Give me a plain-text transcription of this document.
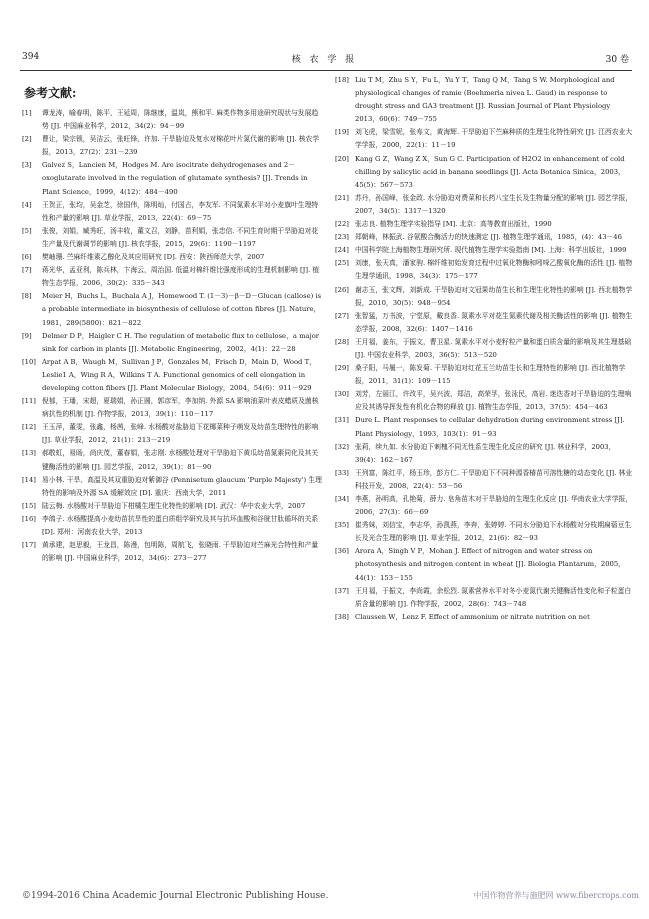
394	核 农 学 报	30 卷
参考文献:
[1]	谭龙涛，喻春明，陈平，王延周，陈继康，温岚，熊和平. 麻类作物多用途研究现状与发展趋势 [J]. 中国麻业科学，2012，34(2)：94－99
[2]	曹让，梁宗锁，吴洁云，张旺锋，许加. 干旱胁迫及复水对棉花叶片氮代谢的影响 [J]. 核农学报，2013，27(2)：231－239
[3]	Galvez S，Lancien M，Hodges M. Are isocitrate dehydrogenases and 2－oxoglutarate involved in the regulation of glutamate synthesis? [J]. Trends in Plant Science，1999，4(12)：484－490
[4]	王贺正，张均，吴金芝，徐国伟，陈明灿，付国占，李友军. 不同氮素水平对小麦旗叶生理特性和产量的影响 [J]. 草业学报，2013，22(4)：69－75
[5]	张俊，刘娟，臧秀旺，汤丰收，董文召，刘静，苗利娟，张忠信. 不同生育时期干旱胁迫对花生产量及代谢调节的影响 [J]. 核农学报，2015，29(6)：1190－1197
[6]	樊岫珊. 苎麻纤维素乙醇化及其应用研究 [D]. 西安：陕西师范大学，2007
[7]	蒋光华，孟亚利，陈兵林，卞海云，周治国. 低温对棉纤维比强度形成的生理机制影响 [J]. 植物生态学报，2006，30(2)：335－343
[8]	Meier H，Buchs L，Buchala A J，Homewood T. (1－3)－β－D－Glucan (callose) is a probable intermediate in biosynthesis of cellulose of cotton fibres [J]. Nature，1981，289(5800)：821－822
[9]	Delmer D P，Haigler C H. The regulation of metabolic flux to cellulose，a major sink for carbon in plants [J]. Metabolic Engineering，2002，4(1)：22－28
[10] Arpat A B，Waugh M，Sullivan J P，Gonzales M，Frisch D，Main D，Wood T，Leslie1 A，Wing R A，Wilkins T A. Functional genomics of cell elongation in developing cotton fibers [J]. Plant Molecular Biology，2004，54(6)：911－929
[11] 倪郁，王璠，宋超，夏瑞娟，孙正圆，郭彦军，李加纳. 外源 SA 影响油菜叶表皮蜡质及菌核病抗性的机制 [J]. 作物学报，2013，39(1)：110－117
[12] 王玉萍，董雯，张鑫，杨茜，张峰. 水杨酸对盐胁迫下花椰菜种子萌发及幼苗生理特性的影响 [J]. 草业学报，2012，21(1)：213－219
[13] 郝敬虹，易旸，尚庆茂，董春娟，张志刚. 水杨酸处理对干旱胁迫下黄瓜幼苗氮素同化及其关键酶活性的影响 [J]. 园艺学报，2012，39(1)：81－90
[14] 易小林. 干旱、高温及其双重胁迫对紫御谷 (Pennisetum glaucum 'Purple Majesty') 生理特性的影响及外源 SA 缓解效应 [D]. 重庆：西南大学，2011
[15] 陆云梅. 水杨酸对干旱胁迫下柑橘生理生化特性的影响 [D]. 武汉：华中农业大学，2007
[16] 李鸽子. 水杨酸提高小麦幼苗抗旱性的蛋白质组学研究及其与抗坏血酸和谷胱甘肽循环的关系 [D]. 郑州：河南农业大学，2013
[17] 黄承建，赵思毅，王龙昌，陈漫，包明陈，周航飞，张晓雨. 干旱胁迫对苎麻光合特性和产量的影响 [J]. 中国麻业科学，2012，34(6)：273－277
[18] Liu T M，Zhu S Y，Fu L，Yu Y T，Tang Q M，Tang S W. Morphological and physiological changes of ramie (Boehmeria nivea L. Gaud) in response to drought stress and GA3 treatment [J]. Russian Journal of Plant Physiology 2013，60(6)：749－755
[19] 刘飞虎，梁雪妮，张寿文，黄海辉. 干旱胁迫下苎麻种质的生理生化特性研究 [J]. 江西农业大学学报，2000，22(1)：11－19
[20] Kang G Z，Wang Z X，Sun G C. Participation of H2O2 in enhancement of cold chilling by salicylic acid in banana seedlings [J]. Acta Botanica Sinica，2003，45(5)：567－573
[21] 苏丹，孙国峰，张金政. 水分胁迫对费菜和长药八宝生长及生物量分配的影响 [J]. 园艺学报，2007，34(5)：1317－1320
[22] 张志良. 植物生理学实验指导 [M]. 北京：高等教育出版社，1990
[23] 郑朝峰，林振武. 谷氨酸合酶活力的快速测定 [J]. 植物生理学通讯，1985，(4)：43－46
[24] 中国科学院上海植物生理研究所. 现代植物生理学实验指南 [M]. 上海：科学出版社，1999
[25] 刘康，张天真，潘家驹. 棉纤维初始发育过程中过氧化物酶和吲哚乙酸氧化酶的活性 [J]. 植物生理学通讯，1998，34(3)：175－177
[26] 谢志玉，张文辉，刘新成. 干旱胁迫对文冠果幼苗生长和生理生化特性的影响 [J]. 西北植物学报，2010，30(5)：948－954
[27] 张智猛，万书波，宁堂原，戴良香. 氮素水平对花生氮素代谢及相关酶活性的影响 [J]. 植物生态学报，2008，32(6)：1407－1416
[28] 王月福，姜东，于振文，曹卫星. 氮素水平对小麦籽粒产量和蛋白质含量的影响及其生理基础 [J]. 中国农业科学，2003，36(5)：513－520
[29] 桑子阳，马履一，陈发菊. 干旱胁迫对红花玉兰幼苗生长和生理特性的影响 [J]. 西北植物学报，2011，31(1)：109－115
[30] 刘芳，左丽江，许改平，吴兴波，郑洁，高荣孚，张泳民，高岩. 迷迭香对干旱胁迫的生理响应及其诱导挥发性有机化合物的释放 [J]. 植物生态学报，2013，37(5)：454－463
[31] Dure L. Plant responses to cellular dehydration during environment stress [J]. Plant Physiology，1993，103(1)：91－93
[32] 张莉，续九如. 水分胁迫下刺槐不同无性系生理生化反应的研究 [J]. 林业科学，2003，39(4)：162－167
[33] 王列富，陈红平，杨玉珍，彭方仁. 干旱胁迫下不同种源香椿苗可溶性糖的动态变化 [J]. 林业科技开发，2008，22(4)：53－56
[34] 李燕，孙明高，孔艳菊，薛力. 皂角苗木对干旱胁迫的生理生化反应 [J]. 华南农业大学学报，2006，27(3)：66－69
[35] 崔秀妹，刘信宝，李志华，孙凯燕，李奔，张婷婷. 不同水分胁迫下水杨酸对分枝期扁蓿豆生长及光合生理的影响 [J]. 草业学报，2012，21(6)：82－93
[36] Arora A，Singh V P，Mohan J. Effect of nitrogen and water stress on photosynthesis and nitrogen content in wheat [J]. Biologia Plantarum，2005，44(1)：153－155
[37] 王月福，于振文，李尚霞，余松烈. 氮素营养水平对冬小麦氮代谢关键酶活性变化和子粒蛋白质含量的影响 [J]. 作物学报，2002，28(6)：743－748
[38] Claussen W，Lenz F. Effect of ammonium or nitrate nutrition on net
©1994-2016 China Academic Journal Electronic Publishing House.	中国作物营养与施肥网 www.fibercrops.com
